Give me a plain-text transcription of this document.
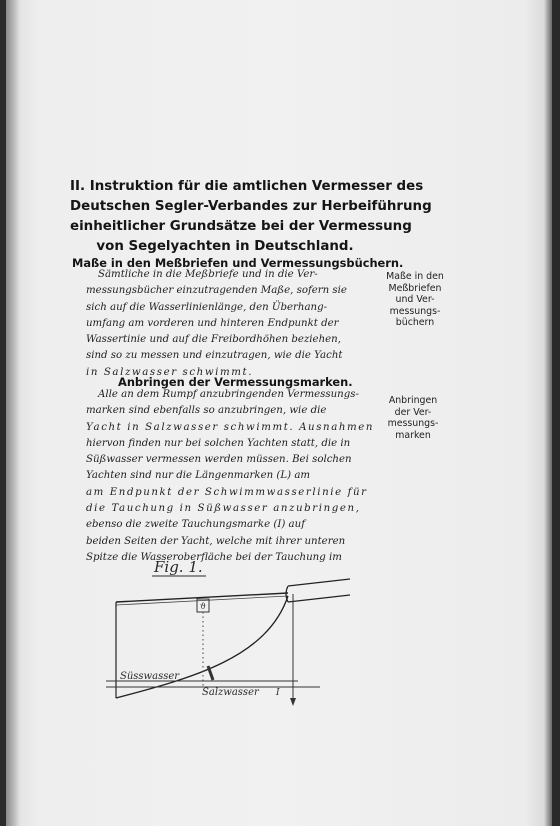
II. Instruktion für die amtlichen Vermesser des
Deutschen Segler-Verbandes zur Herbeiführung
einheitlicher Grundsätze bei der Vermessung
von Segelyachten in Deutschland.
Maße in den Meßbriefen und Vermessungsbüchern.
Sämtliche in die Meßbriefe und in die Ver-
messungsbücher einzutragenden Maße, sofern sie
sich auf die Wasserlinienlänge, den Überhang-
umfang am vorderen und hinteren Endpunkt der
Wassertinie und auf die Freibordhöhen beziehen,
sind so zu messen und einzutragen, wie die Yacht
in Salzwasser schwimmt.
Maße in den
Meßbriefen
und Ver-
messungs-
büchern
Anbringen der Vermessungsmarken.
Alle an dem Rumpf anzubringenden Vermessungs-
marken sind ebenfalls so anzubringen, wie die
Yacht in Salzwasser schwimmt. Ausnahmen
hiervon finden nur bei solchen Yachten statt, die in
Süßwasser vermessen werden müssen. Bei solchen
Yachten sind nur die Längenmarken (L) am
am Endpunkt der Schwimmwasserlinie für
die Tauchung in Süßwasser anzubringen,
ebenso die zweite Tauchungsmarke (I) auf
beiden Seiten der Yacht, welche mit ihrer unteren
Spitze die Wasseroberfläche bei der Tauchung im
Anbringen
der Ver-
messungs-
marken
Fig. 1.
ϑ
Süsswasser
Salzwasser I
